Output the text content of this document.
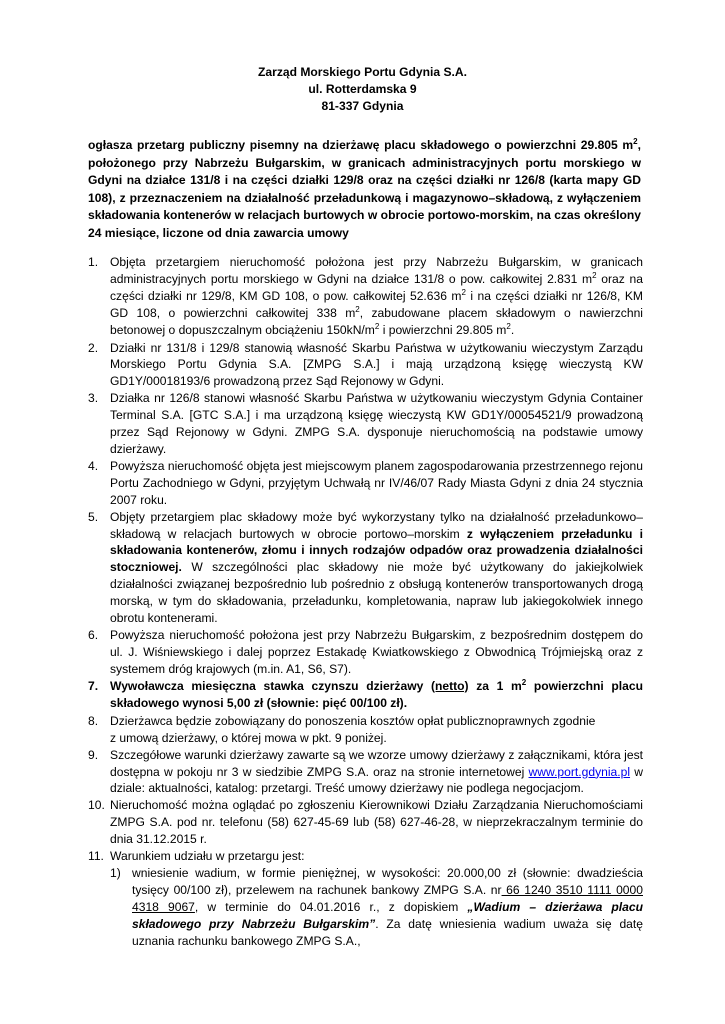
Zarząd Morskiego Portu Gdynia S.A.
ul. Rotterdamska 9
81-337 Gdynia
ogłasza przetarg publiczny pisemny na dzierżawę placu składowego o powierzchni 29.805 $m^2$, położonego przy Nabrzeżu Bułgarskim, w granicach administracyjnych portu morskiego w Gdyni na działce 131/8 i na części działki 129/8 oraz na części działki nr 126/8 (karta mapy GD 108), z przeznaczeniem na działalność przeładunkową i magazynowo–składową, z wyłączeniem składowania kontenerów w relacjach burtowych w obrocie portowo-morskim, na czas określony 24 miesiące, liczone od dnia zawarcia umowy
1. Objęta przetargiem nieruchomość położona jest przy Nabrzeżu Bułgarskim, w granicach administracyjnych portu morskiego w Gdyni na działce 131/8 o pow. całkowitej 2.831 $m^2$ oraz na części działki nr 129/8, KM GD 108, o pow. całkowitej 52.636 $m^2$ i na części działki nr 126/8, KM GD 108, o powierzchni całkowitej 338 $m^2$, zabudowane placem składowym o nawierzchni betonowej o dopuszczalnym obciążeniu $150kN/m^2$ i powierzchni 29.805 $m^2$.
2. Działki nr 131/8 i 129/8 stanowią własność Skarbu Państwa w użytkowaniu wieczystym Zarządu Morskiego Portu Gdynia S.A. [ZMPG S.A.] i mają urządzoną księgę wieczystą KW GD1Y/00018193/6 prowadzoną przez Sąd Rejonowy w Gdyni.
3. Działka nr 126/8 stanowi własność Skarbu Państwa w użytkowaniu wieczystym Gdynia Container Terminal S.A. [GTC S.A.] i ma urządzoną księgę wieczystą KW GD1Y/00054521/9 prowadzoną przez Sąd Rejonowy w Gdyni. ZMPG S.A. dysponuje nieruchomością na podstawie umowy dzierżawy.
4. Powyższa nieruchomość objęta jest miejscowym planem zagospodarowania przestrzennego rejonu Portu Zachodniego w Gdyni, przyjętym Uchwałą nr IV/46/07 Rady Miasta Gdyni z dnia 24 stycznia 2007 roku.
5. Objęty przetargiem plac składowy może być wykorzystany tylko na działalność przeładunkowo–składową w relacjach burtowych w obrocie portowo–morskim z wyłączeniem przeładunku i składowania kontenerów, złomu i innych rodzajów odpadów oraz prowadzenia działalności stoczniowej. W szczególności plac składowy nie może być użytkowany do jakiejkolwiek działalności związanej bezpośrednio lub pośrednio z obsługą kontenerów transportowanych drogą morską, w tym do składowania, przeładunku, kompletowania, napraw lub jakiegokolwiek innego obrotu kontenerami.
6. Powyższa nieruchomość położona jest przy Nabrzeżu Bułgarskim, z bezpośrednim dostępem do ul. J. Wiśniewskiego i dalej poprzez Estakadę Kwiatkowskiego z Obwodnicą Trójmiejską oraz z systemem dróg krajowych (m.in. A1, S6, S7).
7. Wywoławcza miesięczna stawka czynszu dzierżawy (netto) za 1 $m^2$ powierzchni placu składowego wynosi 5,00 zł (słownie: pięć 00/100 zł).
8. Dzierżawca będzie zobowiązany do ponoszenia kosztów opłat publicznoprawnych zgodnie
z umową dzierżawy, o której mowa w pkt. 9 poniżej.
9. Szczegółowe warunki dzierżawy zawarte są we wzorze umowy dzierżawy z załącznikami, która jest dostępna w pokoju nr 3 w siedzibie ZMPG S.A. oraz na stronie internetowej www.port.gdynia.pl w dziale: aktualności, katalog: przetargi. Treść umowy dzierżawy nie podlega negocjacjom.
10. Nieruchomość można oglądać po zgłoszeniu Kierownikowi Działu Zarządzania Nieruchomościami ZMPG S.A. pod nr. telefonu (58) 627-45-69 lub (58) 627-46-28, w nieprzekraczalnym terminie do dnia 31.12.2015 r.
11. Warunkiem udziału w przetargu jest:
1) wniesienie wadium, w formie pieniężnej, w wysokości: 20.000,00 zł (słownie: dwadzieścia tysięcy 00/100 zł), przelewem na rachunek bankowy ZMPG S.A. nr 66 1240 3510 1111 0000 4318 9067, w terminie do 04.01.2016 r., z dopiskiem „Wadium – dzierżawa placu składowego przy Nabrzeżu Bułgarskim”. Za datę wniesienia wadium uważa się datę uznania rachunku bankowego ZMPG S.A.,
